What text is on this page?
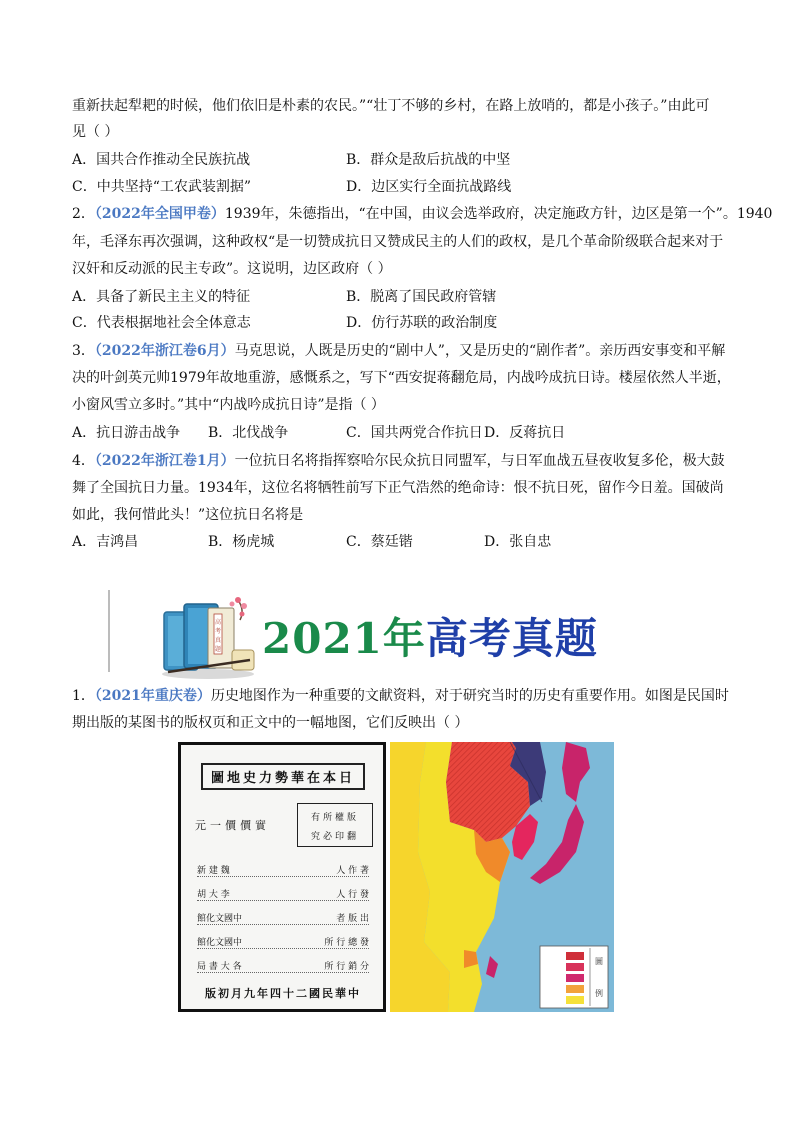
重新扶起犁耙的时候，他们依旧是朴素的农民。”“壮丁不够的乡村，在路上放哨的，都是小孩子。”由此可
见（ ）
A．国共合作推动全民族抗战	B．群众是敌后抗战的中坚
C．中共坚持“工农武装割据”	D．边区实行全面抗战路线
2．（2022年全国甲卷）1939年，朱德指出，“在中国，由议会选举政府，决定施政方针，边区是第一个”。1940
年，毛泽东再次强调，这种政权“是一切赞成抗日又赞成民主的人们的政权，是几个革命阶级联合起来对于
汉奸和反动派的民主专政”。这说明，边区政府（ ）
A．具备了新民主主义的特征	B．脱离了国民政府管辖
C．代表根据地社会全体意志	D．仿行苏联的政治制度
3．（2022年浙江卷6月）马克思说，人既是历史的“剧中人”，又是历史的“剧作者”。亲历西安事变和平解
决的叶剑英元帅1979年故地重游，感慨系之，写下“西安捉蒋翻危局，内战吟成抗日诗。楼屋依然人半逝，
小窗风雪立多时。”其中“内战吟成抗日诗”是指（ ）
A．抗日游击战争 B．北伐战争	C．国共两党合作抗日 D．反蒋抗日
4．（2022年浙江卷1月）一位抗日名将指挥察哈尔民众抗日同盟军，与日军血战五昼夜收复多伦，极大鼓
舞了全国抗日力量。1934年，这位名将牺牲前写下正气浩然的绝命诗：恨不抗日死，留作今日羞。国破尚
如此，我何惜此头！”这位抗日名将是
A．吉鸿昌	B．杨虎城	C．蔡廷锴	D．张自忠
高
考
真
题 2021年高考真题
1．（2021年重庆卷）历史地图作为一种重要的文献资料，对于研究当时的历史有重要作用。如图是民国时
期出版的某图书的版权页和正文中的一幅地图，它们反映出（ ）
圖地史力勢華在本日
元一價價實
有所權版
究必印翻
新 建 魏	人 作 著
胡 大 李	人 行 發
館化文國中	者 版 出
館化文國中	所 行 總 發
局 書 大 各	所 行 銷 分
版初月九年四十二國民華中
圖
例
